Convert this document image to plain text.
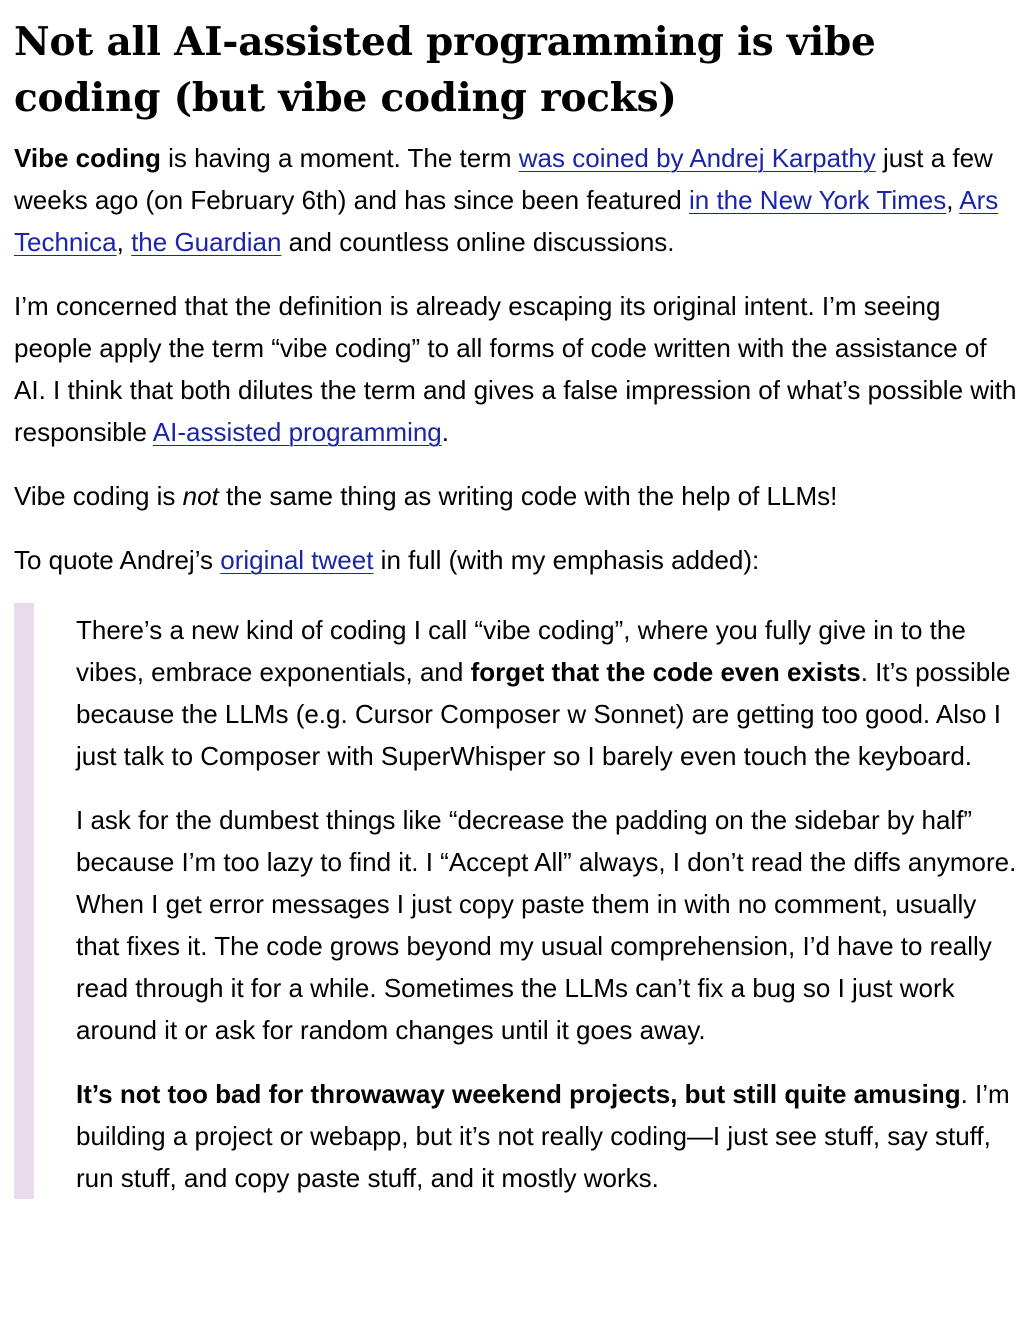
Not all AI-assisted programming is vibe coding (but vibe coding rocks)

Vibe coding is having a moment. The term was coined by Andrej Karpathy just a few weeks ago (on February 6th) and has since been featured in the New York Times, Ars Technica, the Guardian and countless online discussions.

I’m concerned that the definition is already escaping its original intent. I’m seeing people apply the term “vibe coding” to all forms of code written with the assistance of AI. I think that both dilutes the term and gives a false impression of what’s possible with responsible AI-assisted programming.

Vibe coding is not the same thing as writing code with the help of LLMs!

To quote Andrej’s original tweet in full (with my emphasis added):

There’s a new kind of coding I call “vibe coding”, where you fully give in to the vibes, embrace exponentials, and forget that the code even exists. It’s possible because the LLMs (e.g. Cursor Composer w Sonnet) are getting too good. Also I just talk to Composer with SuperWhisper so I barely even touch the keyboard.

I ask for the dumbest things like “decrease the padding on the sidebar by half” because I’m too lazy to find it. I “Accept All” always, I don’t read the diffs anymore. When I get error messages I just copy paste them in with no comment, usually that fixes it. The code grows beyond my usual comprehension, I’d have to really read through it for a while. Sometimes the LLMs can’t fix a bug so I just work around it or ask for random changes until it goes away.

It’s not too bad for throwaway weekend projects, but still quite amusing. I’m building a project or webapp, but it’s not really coding—I just see stuff, say stuff, run stuff, and copy paste stuff, and it mostly works.
